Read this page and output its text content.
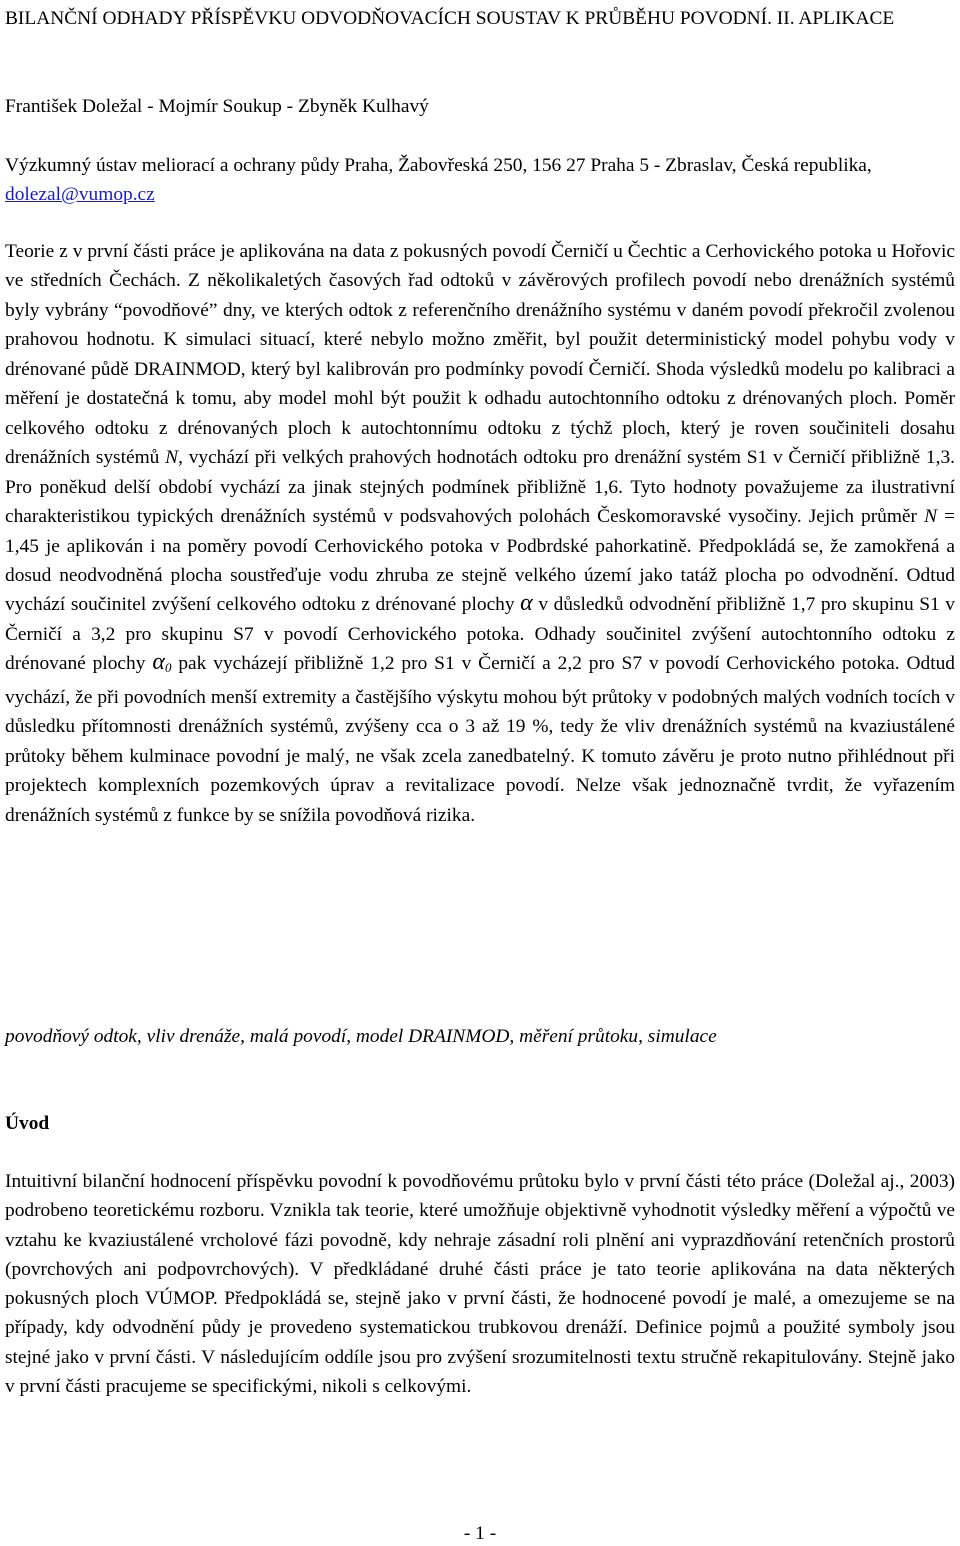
BILANČNÍ ODHADY PŘÍSPĚVKU ODVODŇOVACÍCH SOUSTAV K PRŮBĚHU POVODNÍ. II. APLIKACE
František Doležal - Mojmír Soukup - Zbyněk Kulhavý
Výzkumný ústav meliorací a ochrany půdy Praha, Žabovřeská 250, 156 27 Praha 5 - Zbraslav, Česká republika, dolezal@vumop.cz
Teorie z v první části práce je aplikována na data z pokusných povodí Černičí u Čechtic a Cerhovického potoka u Hořovic ve středních Čechách. Z několikaletých časových řad odtoků v závěrových profilech povodí nebo drenážních systémů byly vybrány “povodňové” dny, ve kterých odtok z referenčního drenážního systému v daném povodí překročil zvolenou prahovou hodnotu. K simulaci situací, které nebylo možno změřit, byl použit deterministický model pohybu vody v drénované půdě DRAINMOD, který byl kalibrován pro podmínky povodí Černičí. Shoda výsledků modelu po kalibraci a měření je dostatečná k tomu, aby model mohl být použit k odhadu autochtonního odtoku z drénovaných ploch. Poměr celkového odtoku z drénovaných ploch k autochtonnímu odtoku z týchž ploch, který je roven součiniteli dosahu drenážních systémů N, vychází při velkých prahových hodnotách odtoku pro drenážní systém S1 v Černičí přibližně 1,3. Pro poněkud delší období vychází za jinak stejných podmínek přibližně 1,6. Tyto hodnoty považujeme za ilustrativní charakteristikou typických drenážních systémů v podsvahových polohách Českomoravské vysočiny. Jejich průměr N = 1,45 je aplikován i na poměry povodí Cerhovického potoka v Podbrdské pahorkatině. Předpokládá se, že zamokřená a dosud neodvodněná plocha soustřeďuje vodu zhruba ze stejně velkého území jako tatáž plocha po odvodnění. Odtud vychází součinitel zvýšení celkového odtoku z drénované plochy α v důsledků odvodnění přibližně 1,7 pro skupinu S1 v Černičí a 3,2 pro skupinu S7 v povodí Cerhovického potoka. Odhady součinitel zvýšení autochtonního odtoku z drénované plochy $\alpha_0$ pak vycházejí přibližně 1,2 pro S1 v Černičí a 2,2 pro S7 v povodí Cerhovického potoka. Odtud vychází, že při povodních menší extremity a častějšího výskytu mohou být průtoky v podobných malých vodních tocích v důsledku přítomnosti drenážních systémů, zvýšeny cca o 3 až 19 %, tedy že vliv drenážních systémů na kvaziustálené průtoky během kulminace povodní je malý, ne však zcela zanedbatelný. K tomuto závěru je proto nutno přihlédnout při projektech komplexních pozemkových úprav a revitalizace povodí. Nelze však jednoznačně tvrdit, že vyřazením drenážních systémů z funkce by se snížila povodňová rizika.
povodňový odtok, vliv drenáže, malá povodí, model DRAINMOD, měření průtoku, simulace
Úvod
Intuitivní bilanční hodnocení příspěvku povodní k povodňovému průtoku bylo v první části této práce (Doležal aj., 2003) podrobeno teoretickému rozboru. Vznikla tak teorie, které umožňuje objektivně vyhodnotit výsledky měření a výpočtů ve vztahu ke kvaziustálené vrcholové fázi povodně, kdy nehraje zásadní roli plnění ani vyprazdňování retenčních prostorů (povrchových ani podpovrchových). V předkládané druhé části práce je tato teorie aplikována na data některých pokusných ploch VÚMOP. Předpokládá se, stejně jako v první části, že hodnocené povodí je malé, a omezujeme se na případy, kdy odvodnění půdy je provedeno systematickou trubkovou drenáží. Definice pojmů a použité symboly jsou stejné jako v první části. V následujícím oddíle jsou pro zvýšení srozumitelnosti textu stručně rekapitulovány. Stejně jako v první části pracujeme se specifickými, nikoli s celkovými.
- 1 -
